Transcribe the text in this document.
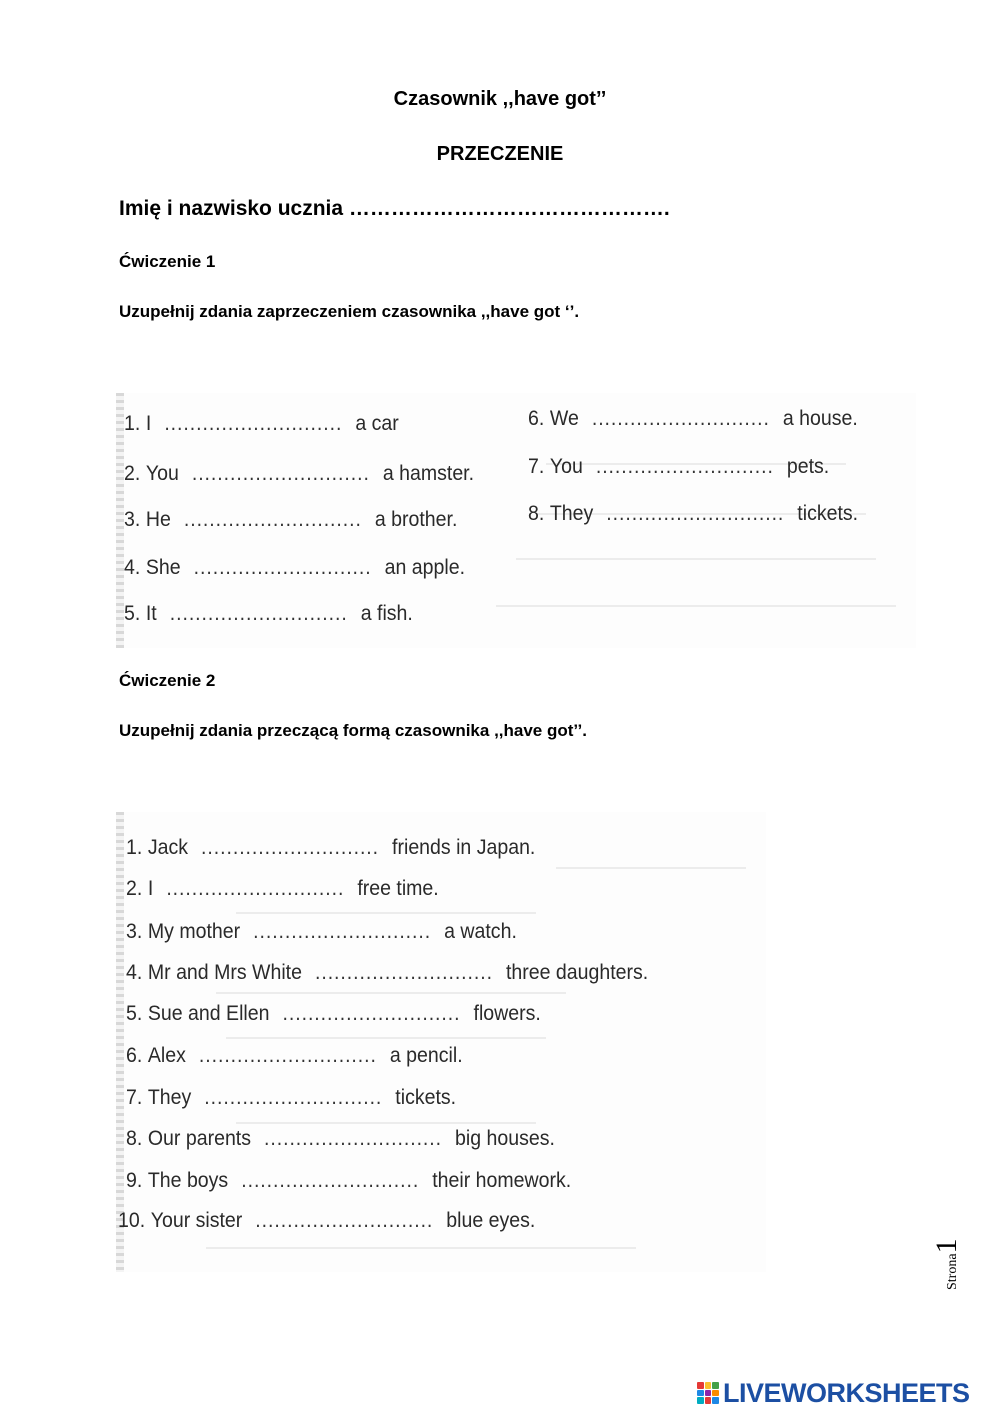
Czasownik ,,have got’’
PRZECZENIE
Imię i nazwisko ucznia ……………………………………….
Ćwiczenie 1
Uzupełnij zdania zaprzeczeniem czasownika ,,have got ‘’.
1. I ............................ a car
2. You ............................ a hamster.
3. He ............................ a brother.
4. She ............................ an apple.
5. It ............................ a fish.
6. We ............................ a house.
7. You ............................ pets.
8. They ............................ tickets.
Ćwiczenie 2
Uzupełnij zdania przeczącą formą czasownika ,,have got’’.
1. Jack ............................ friends in Japan.
2. I ............................ free time.
3. My mother ............................ a watch.
4. Mr and Mrs White ............................ three daughters.
5. Sue and Ellen ............................ flowers.
6. Alex ............................ a pencil.
7. They ............................ tickets.
8. Our parents ............................ big houses.
9. The boys ............................ their homework.
10. Your sister ............................ blue eyes.
Strona1
LIVEWORKSHEETS
